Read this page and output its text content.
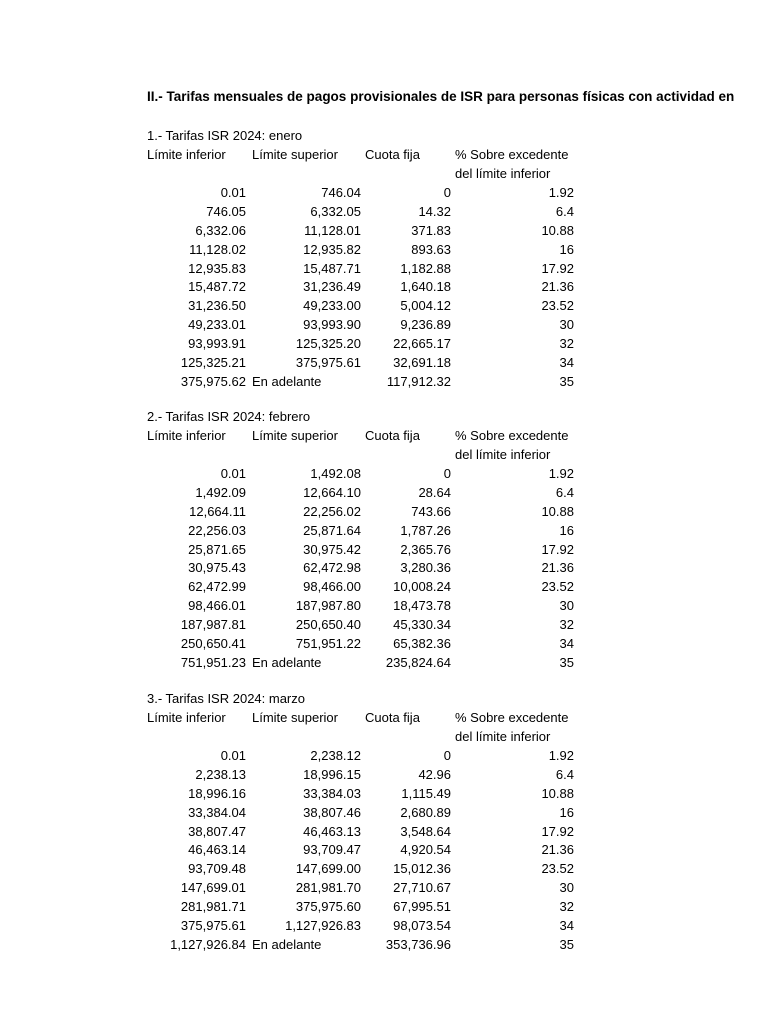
II.- Tarifas mensuales de pagos provisionales de ISR para personas físicas con actividad en
1.- Tarifas ISR 2024: enero
Límite inferior Límite superior Cuota fija	% Sobre excedente
del límite inferior
0.01	746.04	0	1.92
746.05	6,332.05	14.32	6.4
6,332.06	11,128.01	371.83	10.88
11,128.02	12,935.82	893.63	16
12,935.83	15,487.71	1,182.88	17.92
15,487.72	31,236.49	1,640.18	21.36
31,236.50	49,233.00	5,004.12	23.52
49,233.01	93,993.90	9,236.89	30
93,993.91	125,325.20 22,665.17	32
125,325.21	375,975.61 32,691.18	34
375,975.62 En adelante	117,912.32	35
2.- Tarifas ISR 2024: febrero
Límite inferior Límite superior Cuota fija	% Sobre excedente
del límite inferior
0.01	1,492.08	0	1.92
1,492.09	12,664.10	28.64	6.4
12,664.11	22,256.02	743.66	10.88
22,256.03	25,871.64	1,787.26	16
25,871.65	30,975.42	2,365.76	17.92
30,975.43	62,472.98	3,280.36	21.36
62,472.99	98,466.00 10,008.24	23.52
98,466.01	187,987.80 18,473.78	30
187,987.81	250,650.40 45,330.34	32
250,650.41	751,951.22 65,382.36	34
751,951.23 En adelante	235,824.64	35
3.- Tarifas ISR 2024: marzo
Límite inferior Límite superior Cuota fija	% Sobre excedente
del límite inferior
0.01	2,238.12	0	1.92
2,238.13	18,996.15	42.96	6.4
18,996.16	33,384.03	1,115.49	10.88
33,384.04	38,807.46	2,680.89	16
38,807.47	46,463.13	3,548.64	17.92
46,463.14	93,709.47	4,920.54	21.36
93,709.48	147,699.00 15,012.36	23.52
147,699.01	281,981.70 27,710.67	30
281,981.71	375,975.60 67,995.51	32
375,975.61	1,127,926.83 98,073.54	34
1,127,926.84 En adelante	353,736.96	35
